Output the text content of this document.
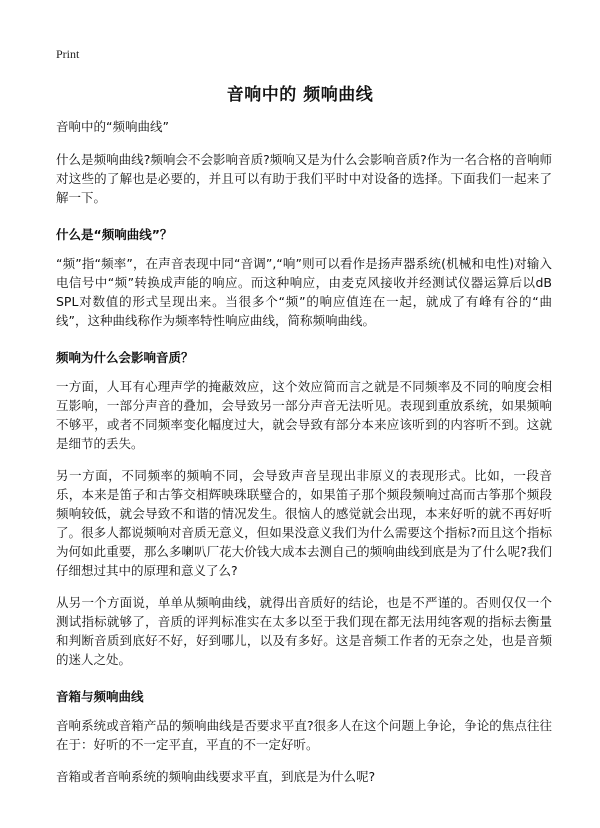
Print
音响中的 频响曲线

音响中的“频响曲线”

什么是频响曲线?频响会不会影响音质?频响又是为什么会影响音质?作为一名合格的音响师对这些的了解也是必要的，并且可以有助于我们平时中对设备的选择。下面我们一起来了解一下。

什么是“频响曲线”？

“频”指“频率”，在声音表现中同“音调”,“响”则可以看作是扬声器系统(机械和电性)对输入电信号中“频”转换成声能的响应。而这种响应，由麦克风接收并经测试仪器运算后以dB SPL对数值的形式呈现出来。当很多个“频”的响应值连在一起，就成了有峰有谷的“曲线”，这种曲线称作为频率特性响应曲线，简称频响曲线。

频响为什么会影响音质？

一方面，人耳有心理声学的掩蔽效应，这个效应简而言之就是不同频率及不同的响度会相互影响，一部分声音的叠加，会导致另一部分声音无法听见。表现到重放系统，如果频响不够平，或者不同频率变化幅度过大，就会导致有部分本来应该听到的内容听不到。这就是细节的丢失。

另一方面，不同频率的频响不同，会导致声音呈现出非原义的表现形式。比如，一段音乐，本来是笛子和古筝交相辉映珠联璧合的，如果笛子那个频段频响过高而古筝那个频段频响较低，就会导致不和谐的情况发生。很恼人的感觉就会出现，本来好听的就不再好听了。很多人都说频响对音质无意义，但如果没意义我们为什么需要这个指标?而且这个指标为何如此重要，那么多喇叭厂花大价钱大成本去测自己的频响曲线到底是为了什么呢?我们仔细想过其中的原理和意义了么?

从另一个方面说，单单从频响曲线，就得出音质好的结论，也是不严谨的。否则仅仅一个测试指标就够了，音质的评判标准实在太多以至于我们现在都无法用纯客观的指标去衡量和判断音质到底好不好，好到哪儿，以及有多好。这是音频工作者的无奈之处，也是音频的迷人之处。

音箱与频响曲线

音响系统或音箱产品的频响曲线是否要求平直?很多人在这个问题上争论，争论的焦点往往在于：好听的不一定平直，平直的不一定好听。

音箱或者音响系统的频响曲线要求平直，到底是为什么呢?
